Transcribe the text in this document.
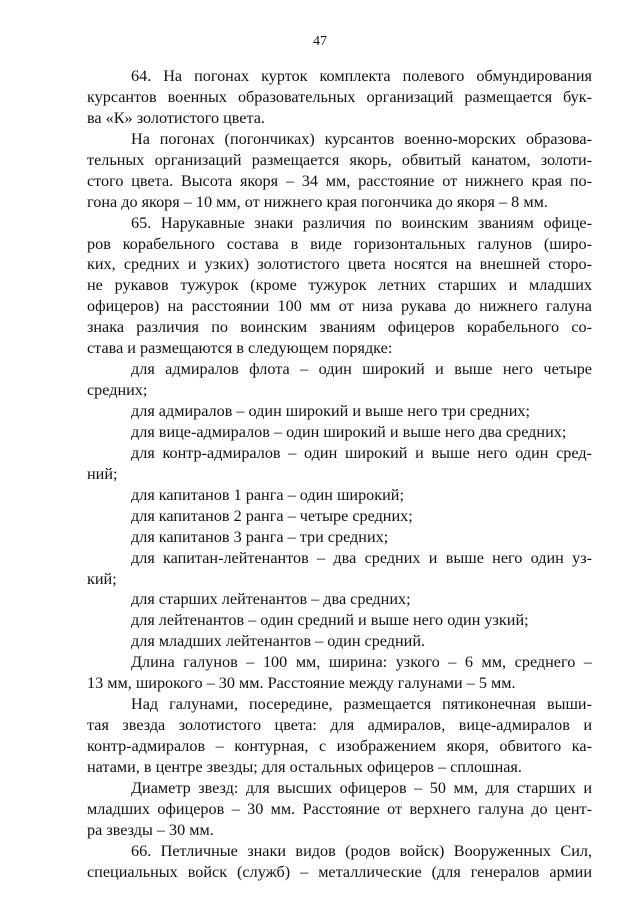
47
64. На погонах курток комплекта полевого обмундирования
курсантов военных образовательных организаций размещается бук-
ва «К» золотистого цвета.
На погонах (погончиках) курсантов военно-морских образова-
тельных организаций размещается якорь, обвитый канатом, золоти-
стого цвета. Высота якоря – 34 мм, расстояние от нижнего края по-
гона до якоря – 10 мм, от нижнего края погончика до якоря – 8 мм.
65. Нарукавные знаки различия по воинским званиям офице-
ров корабельного состава в виде горизонтальных галунов (широ-
ких, средних и узких) золотистого цвета носятся на внешней сторо-
не рукавов тужурок (кроме тужурок летних старших и младших
офицеров) на расстоянии 100 мм от низа рукава до нижнего галуна
знака различия по воинским званиям офицеров корабельного со-
става и размещаются в следующем порядке:
для адмиралов флота – один широкий и выше него четыре
средних;
для адмиралов – один широкий и выше него три средних;
для вице-адмиралов – один широкий и выше него два средних;
для контр-адмиралов – один широкий и выше него один сред-
ний;
для капитанов 1 ранга – один широкий;
для капитанов 2 ранга – четыре средних;
для капитанов 3 ранга – три средних;
для капитан-лейтенантов – два средних и выше него один уз-
кий;
для старших лейтенантов – два средних;
для лейтенантов – один средний и выше него один узкий;
для младших лейтенантов – один средний.
Длина галунов – 100 мм, ширина: узкого – 6 мм, среднего –
13 мм, широкого – 30 мм. Расстояние между галунами – 5 мм.
Над галунами, посередине, размещается пятиконечная выши-
тая звезда золотистого цвета: для адмиралов, вице-адмиралов и
контр-адмиралов – контурная, с изображением якоря, обвитого ка-
натами, в центре звезды; для остальных офицеров – сплошная.
Диаметр звезд: для высших офицеров – 50 мм, для старших и
младших офицеров – 30 мм. Расстояние от верхнего галуна до цент-
ра звезды – 30 мм.
66. Петличные знаки видов (родов войск) Вооруженных Сил,
специальных войск (служб) – металлические (для генералов армии
